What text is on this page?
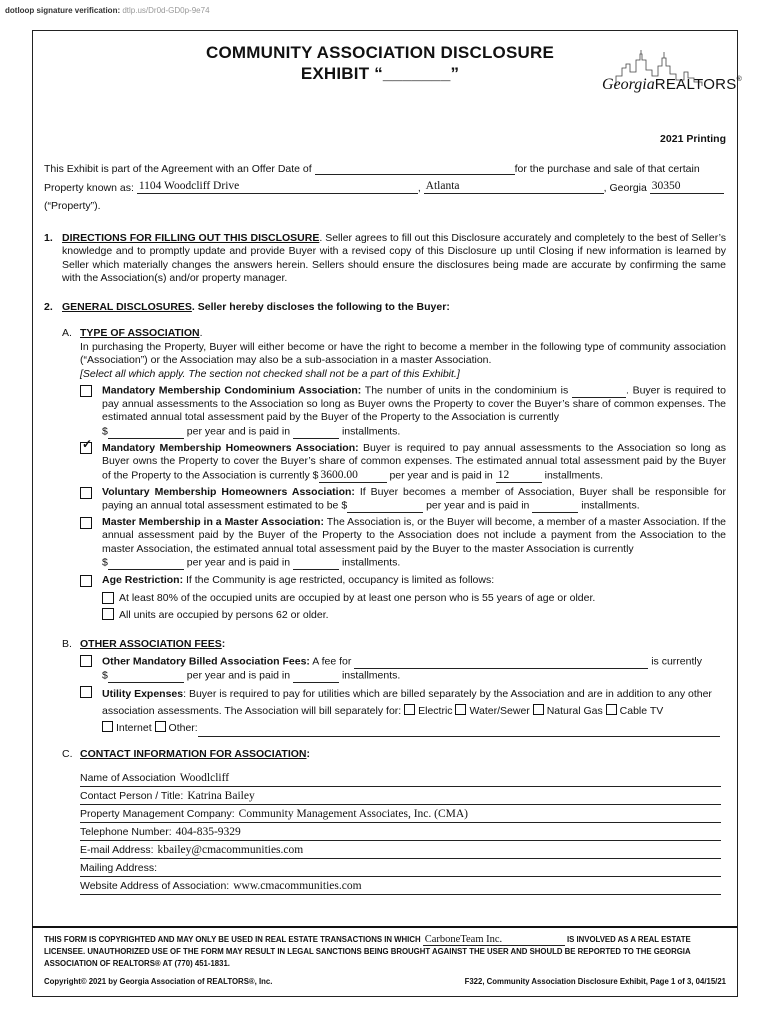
dotloop signature verification: dtlp.us/Dr0d-GD0p-9e74
COMMUNITY ASSOCIATION DISCLOSURE
EXHIBIT “_______”
GeorgiaREALTORS®
2021 Printing
This Exhibit is part of the Agreement with an Offer Date of	for the purchase and sale of that certain
Property known as: 1104 Woodcliff Drive	, Atlanta	, Georgia 30350
(“Property”).
1. DIRECTIONS FOR FILLING OUT THIS DISCLOSURE. Seller agrees to fill out this Disclosure accurately and completely to the best of Seller’s knowledge and to promptly update and provide Buyer with a revised copy of this Disclosure up until Closing if new information is learned by Seller which materially changes the answers herein. Sellers should ensure the disclosures being made are accurate by confirming the same with the Association(s) and/or property manager.
2. GENERAL DISCLOSURES. Seller hereby discloses the following to the Buyer:
A. TYPE OF ASSOCIATION.
In purchasing the Property, Buyer will either become or have the right to become a member in the following type of community association (“Association”) or the Association may also be a sub-association in a master Association.
[Select all which apply. The section not checked shall not be a part of this Exhibit.]
Mandatory Membership Condominium Association: The number of units in the condominium is	. Buyer is required to pay annual assessments to the Association so long as Buyer owns the Property to cover the Buyer’s share of common expenses. The estimated annual total assessment paid by the Buyer of the Property to the Association is currently
$	per year and is paid in	installments.
✓ Mandatory Membership Homeowners Association: Buyer is required to pay annual assessments to the Association so long as Buyer owns the Property to cover the Buyer’s share of common expenses. The estimated annual total assessment paid by the Buyer of the Property to the Association is currently $ 3600.00	per year and is paid in 12	installments.
Voluntary Membership Homeowners Association: If Buyer becomes a member of Association, Buyer shall be responsible for paying an annual total assessment estimated to be $	per year and is paid in	installments.
Master Membership in a Master Association: The Association is, or the Buyer will become, a member of a master Association. If the annual assessment paid by the Buyer of the Property to the Association does not include a payment from the Association to the master Association, the estimated annual total assessment paid by the Buyer to the master Association is currently
$	per year and is paid in	installments.
Age Restriction: If the Community is age restricted, occupancy is limited as follows:
At least 80% of the occupied units are occupied by at least one person who is 55 years of age or older.
All units are occupied by persons 62 or older.
B. OTHER ASSOCIATION FEES:
Other Mandatory Billed Association Fees: A fee for	is currently
$	per year and is paid in	installments.
Utility Expenses: Buyer is required to pay for utilities which are billed separately by the Association and are in addition to any other association assessments. The Association will bill separately for: Electric Water/Sewer Natural Gas Cable TV
Internet Other:
C. CONTACT INFORMATION FOR ASSOCIATION:
Name of Association Woodlcliff
Contact Person / Title: Katrina Bailey
Property Management Company: Community Management Associates, Inc. (CMA)
Telephone Number: 404-835-9329
E-mail Address: kbailey@cmacommunities.com
Mailing Address:
Website Address of Association: www.cmacommunities.com
THIS FORM IS COPYRIGHTED AND MAY ONLY BE USED IN REAL ESTATE TRANSACTIONS IN WHICH CarboneTeam Inc.	IS INVOLVED AS A REAL ESTATE LICENSEE. UNAUTHORIZED USE OF THE FORM MAY RESULT IN LEGAL SANCTIONS BEING BROUGHT AGAINST THE USER AND SHOULD BE REPORTED TO THE GEORGIA ASSOCIATION OF REALTORS® AT (770) 451-1831.
Copyright© 2021 by Georgia Association of REALTORS®, Inc.	F322, Community Association Disclosure Exhibit, Page 1 of 3, 04/15/21
